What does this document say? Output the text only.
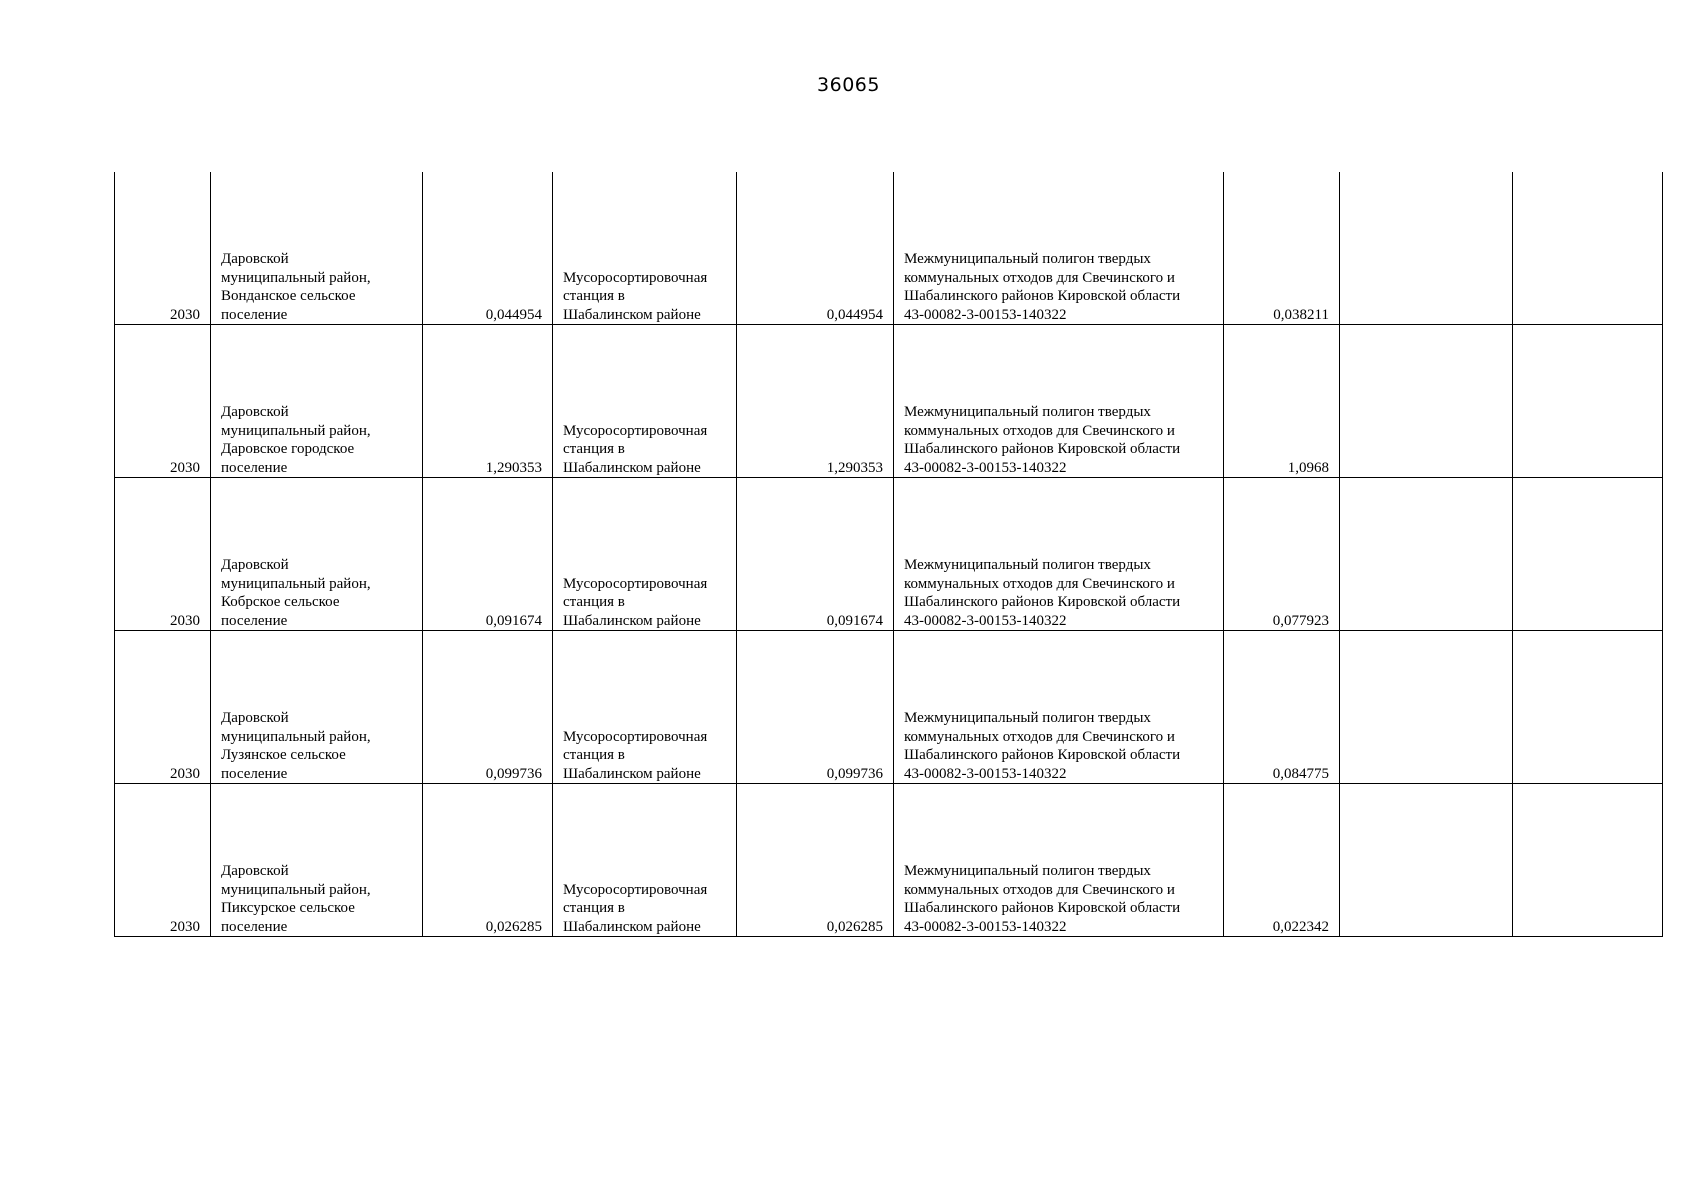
36065
2030	Даровской
муниципальный район,
Вонданское сельское
поселение	0,044954	Мусоросортировочная
станция в
Шабалинском районе	0,044954	Межмуниципальный полигон твердых
коммунальных отходов для Свечинского и
Шабалинского районов Кировской области
43-00082-3-00153-140322	0,038211		

2030	Даровской
муниципальный район,
Даровское городское
поселение	1,290353	Мусоросортировочная
станция в
Шабалинском районе	1,290353	Межмуниципальный полигон твердых
коммунальных отходов для Свечинского и
Шабалинского районов Кировской области
43-00082-3-00153-140322	1,0968		

2030	Даровской
муниципальный район,
Кобрское сельское
поселение	0,091674	Мусоросортировочная
станция в
Шабалинском районе	0,091674	Межмуниципальный полигон твердых
коммунальных отходов для Свечинского и
Шабалинского районов Кировской области
43-00082-3-00153-140322	0,077923		

2030	Даровской
муниципальный район,
Лузянское сельское
поселение	0,099736	Мусоросортировочная
станция в
Шабалинском районе	0,099736	Межмуниципальный полигон твердых
коммунальных отходов для Свечинского и
Шабалинского районов Кировской области
43-00082-3-00153-140322	0,084775		

2030	Даровской
муниципальный район,
Пиксурское сельское
поселение	0,026285	Мусоросортировочная
станция в
Шабалинском районе	0,026285	Межмуниципальный полигон твердых
коммунальных отходов для Свечинского и
Шабалинского районов Кировской области
43-00082-3-00153-140322	0,022342		
